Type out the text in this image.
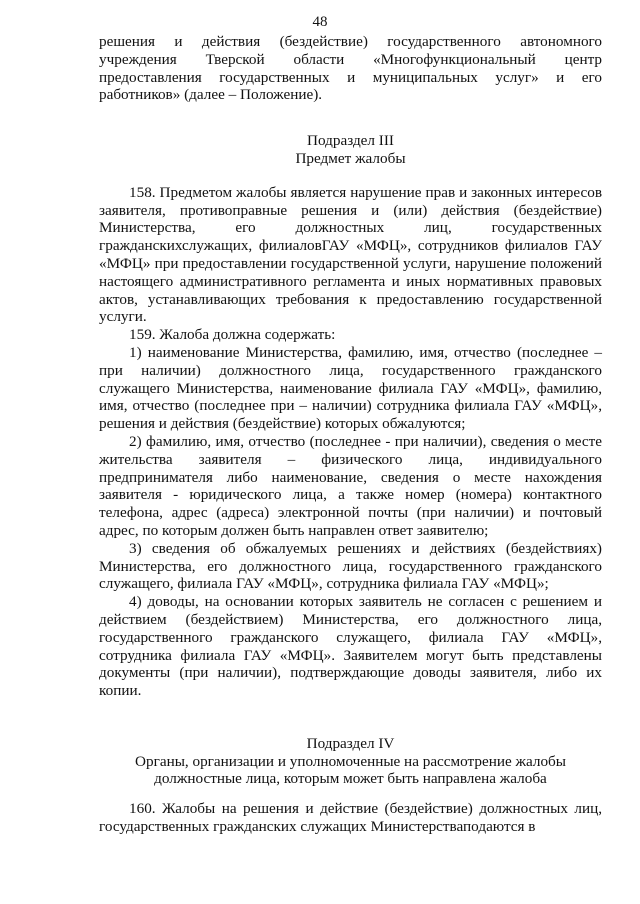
48

решения и действия (бездействие) государственного автономного учреждения Тверской области «Многофункциональный центр предоставления государственных и муниципальных услуг» и его работников» (далее – Положение).

Подраздел III

Предмет жалобы

158. Предметом жалобы является нарушение прав и законных интересов заявителя, противоправные решения и (или) действия (бездействие) Министерства, его должностных лиц, государственных гражданскихслужащих, филиаловГАУ «МФЦ», сотрудников филиалов ГАУ «МФЦ» при предоставлении государственной услуги, нарушение положений настоящего административного регламента и иных нормативных правовых актов, устанавливающих требования к предоставлению государственной услуги.

159. Жалоба должна содержать:

1) наименование Министерства, фамилию, имя, отчество (последнее – при наличии) должностного лица, государственного гражданского служащего Министерства, наименование филиала ГАУ «МФЦ», фамилию, имя, отчество (последнее при – наличии) сотрудника филиала ГАУ «МФЦ», решения и действия (бездействие) которых обжалуются;

2) фамилию, имя, отчество (последнее - при наличии), сведения о месте жительства заявителя – физического лица, индивидуального предпринимателя либо наименование, сведения о месте нахождения заявителя - юридического лица, а также номер (номера) контактного телефона, адрес (адреса) электронной почты (при наличии) и почтовый адрес, по которым должен быть направлен ответ заявителю;

3) сведения об обжалуемых решениях и действиях (бездействиях) Министерства, его должностного лица, государственного гражданского служащего, филиала ГАУ «МФЦ», сотрудника филиала ГАУ «МФЦ»;

4) доводы, на основании которых заявитель не согласен с решением и действием (бездействием) Министерства, его должностного лица, государственного гражданского служащего, филиала ГАУ «МФЦ», сотрудника филиала ГАУ «МФЦ». Заявителем могут быть представлены документы (при наличии), подтверждающие доводы заявителя, либо их копии.

Подраздел IV

Органы, организации и уполномоченные на рассмотрение жалобы

должностные лица, которым может быть направлена жалоба

160. Жалобы на решения и действие (бездействие) должностных лиц, государственных гражданских служащих Министерстваподаются в
